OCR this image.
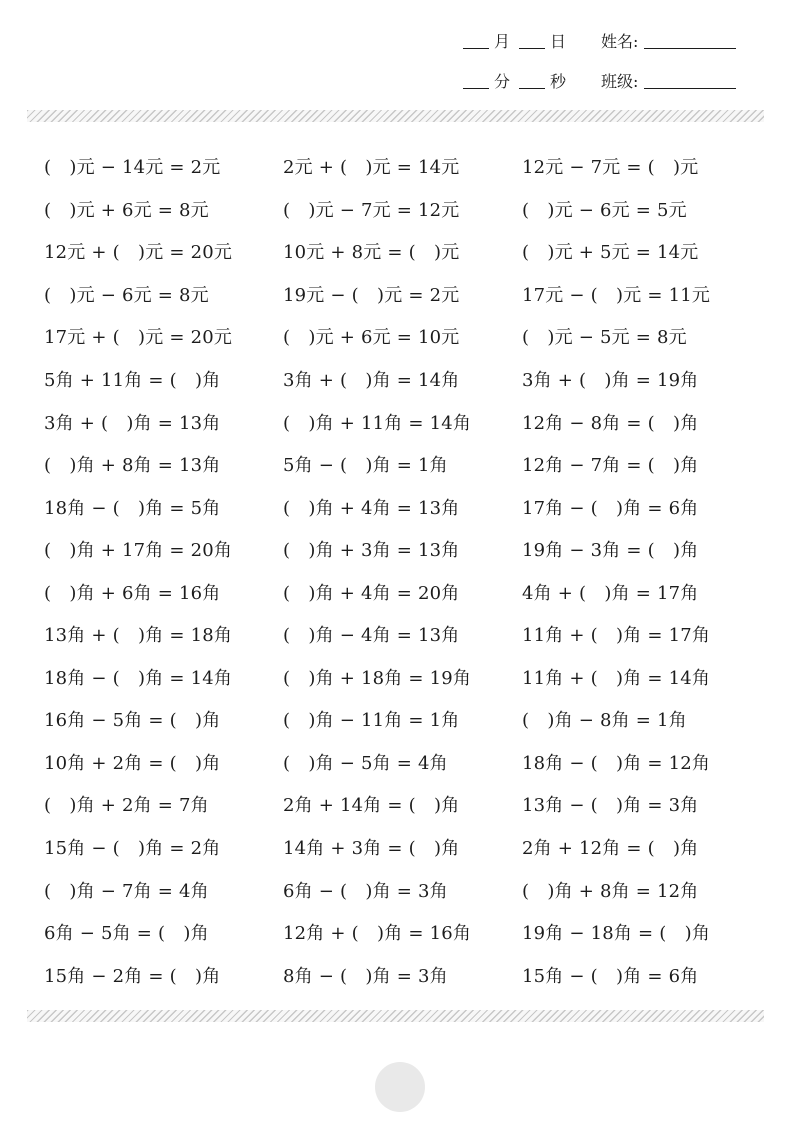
月	日 姓名:
分	秒 班级:
(　)元 − 14元 = 2元
(　)元 + 6元 = 8元
12元 + (　)元 = 20元
(　)元 − 6元 = 8元
17元 + (　)元 = 20元
5角 + 11角 = (　)角
3角 + (　)角 = 13角
(　)角 + 8角 = 13角
18角 − (　)角 = 5角
(　)角 + 17角 = 20角
(　)角 + 6角 = 16角
13角 + (　)角 = 18角
18角 − (　)角 = 14角
16角 − 5角 = (　)角
10角 + 2角 = (　)角
(　)角 + 2角 = 7角
15角 − (　)角 = 2角
(　)角 − 7角 = 4角
6角 − 5角 = (　)角
15角 − 2角 = (　)角
2元 + (　)元 = 14元
(　)元 − 7元 = 12元
10元 + 8元 = (　)元
19元 − (　)元 = 2元
(　)元 + 6元 = 10元
3角 + (　)角 = 14角
(　)角 + 11角 = 14角
5角 − (　)角 = 1角
(　)角 + 4角 = 13角
(　)角 + 3角 = 13角
(　)角 + 4角 = 20角
(　)角 − 4角 = 13角
(　)角 + 18角 = 19角
(　)角 − 11角 = 1角
(　)角 − 5角 = 4角
2角 + 14角 = (　)角
14角 + 3角 = (　)角
6角 − (　)角 = 3角
12角 + (　)角 = 16角
8角 − (　)角 = 3角
12元 − 7元 = (　)元
(　)元 − 6元 = 5元
(　)元 + 5元 = 14元
17元 − (　)元 = 11元
(　)元 − 5元 = 8元
3角 + (　)角 = 19角
12角 − 8角 = (　)角
12角 − 7角 = (　)角
17角 − (　)角 = 6角
19角 − 3角 = (　)角
4角 + (　)角 = 17角
11角 + (　)角 = 17角
11角 + (　)角 = 14角
(　)角 − 8角 = 1角
18角 − (　)角 = 12角
13角 − (　)角 = 3角
2角 + 12角 = (　)角
(　)角 + 8角 = 12角
19角 − 18角 = (　)角
15角 − (　)角 = 6角
